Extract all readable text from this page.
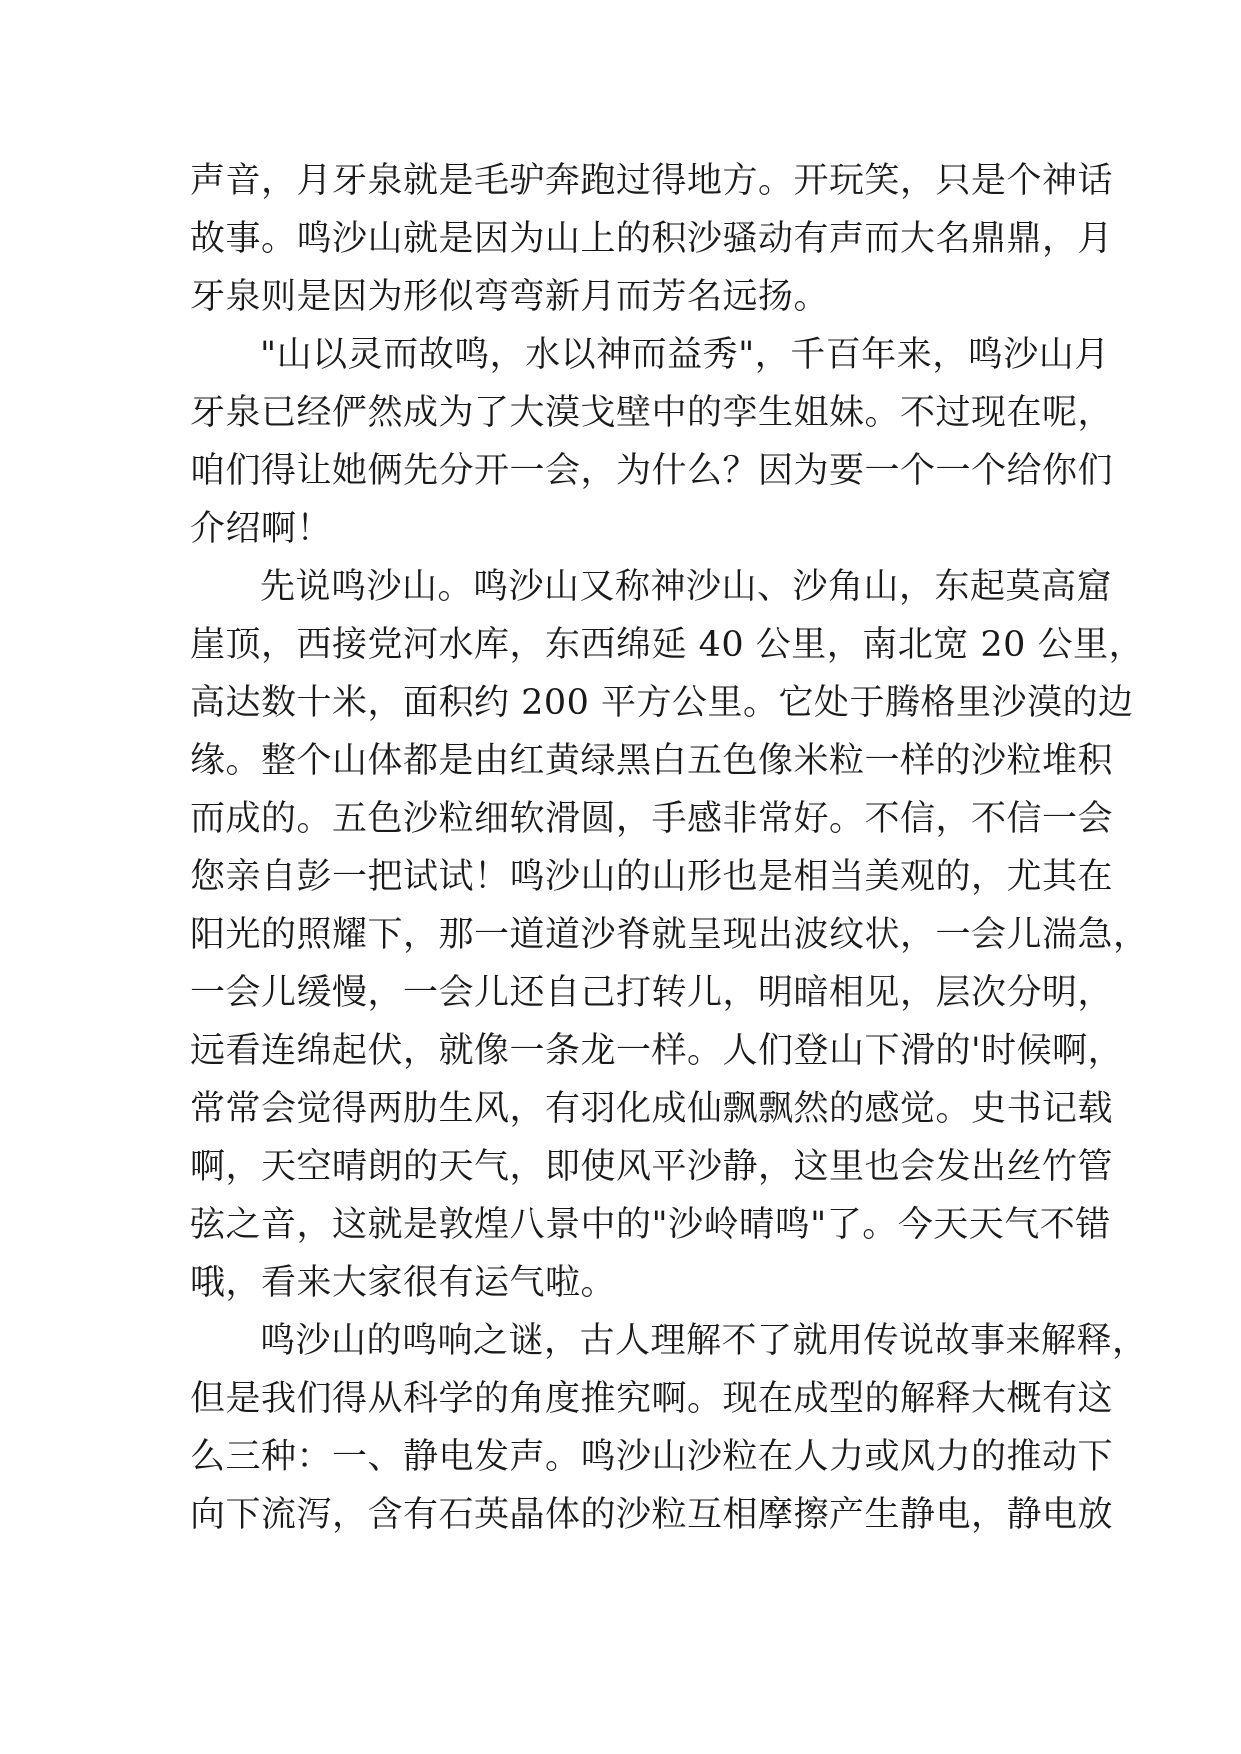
声音，月牙泉就是毛驴奔跑过得地方。开玩笑，只是个神话
故事。鸣沙山就是因为山上的积沙骚动有声而大名鼎鼎，月
牙泉则是因为形似弯弯新月而芳名远扬。
"山以灵而故鸣，水以神而益秀"，千百年来，鸣沙山月
牙泉已经俨然成为了大漠戈壁中的孪生姐妹。不过现在呢，
咱们得让她俩先分开一会，为什么？因为要一个一个给你们
介绍啊！
先说鸣沙山。鸣沙山又称神沙山、沙角山，东起莫高窟
崖顶，西接党河水库，东西绵延 40 公里，南北宽 20 公里，
高达数十米，面积约 200 平方公里。它处于腾格里沙漠的边
缘。整个山体都是由红黄绿黑白五色像米粒一样的沙粒堆积
而成的。五色沙粒细软滑圆，手感非常好。不信，不信一会
您亲自彭一把试试！鸣沙山的山形也是相当美观的，尤其在
阳光的照耀下，那一道道沙脊就呈现出波纹状，一会儿湍急，
一会儿缓慢，一会儿还自己打转儿，明暗相见，层次分明，
远看连绵起伏，就像一条龙一样。人们登山下滑的'时候啊，
常常会觉得两肋生风，有羽化成仙飘飘然的感觉。史书记载
啊，天空晴朗的天气，即使风平沙静，这里也会发出丝竹管
弦之音，这就是敦煌八景中的"沙岭晴鸣"了。今天天气不错
哦，看来大家很有运气啦。
鸣沙山的鸣响之谜，古人理解不了就用传说故事来解释，
但是我们得从科学的角度推究啊。现在成型的解释大概有这
么三种：一、静电发声。鸣沙山沙粒在人力或风力的推动下
向下流泻，含有石英晶体的沙粒互相摩擦产生静电，静电放
